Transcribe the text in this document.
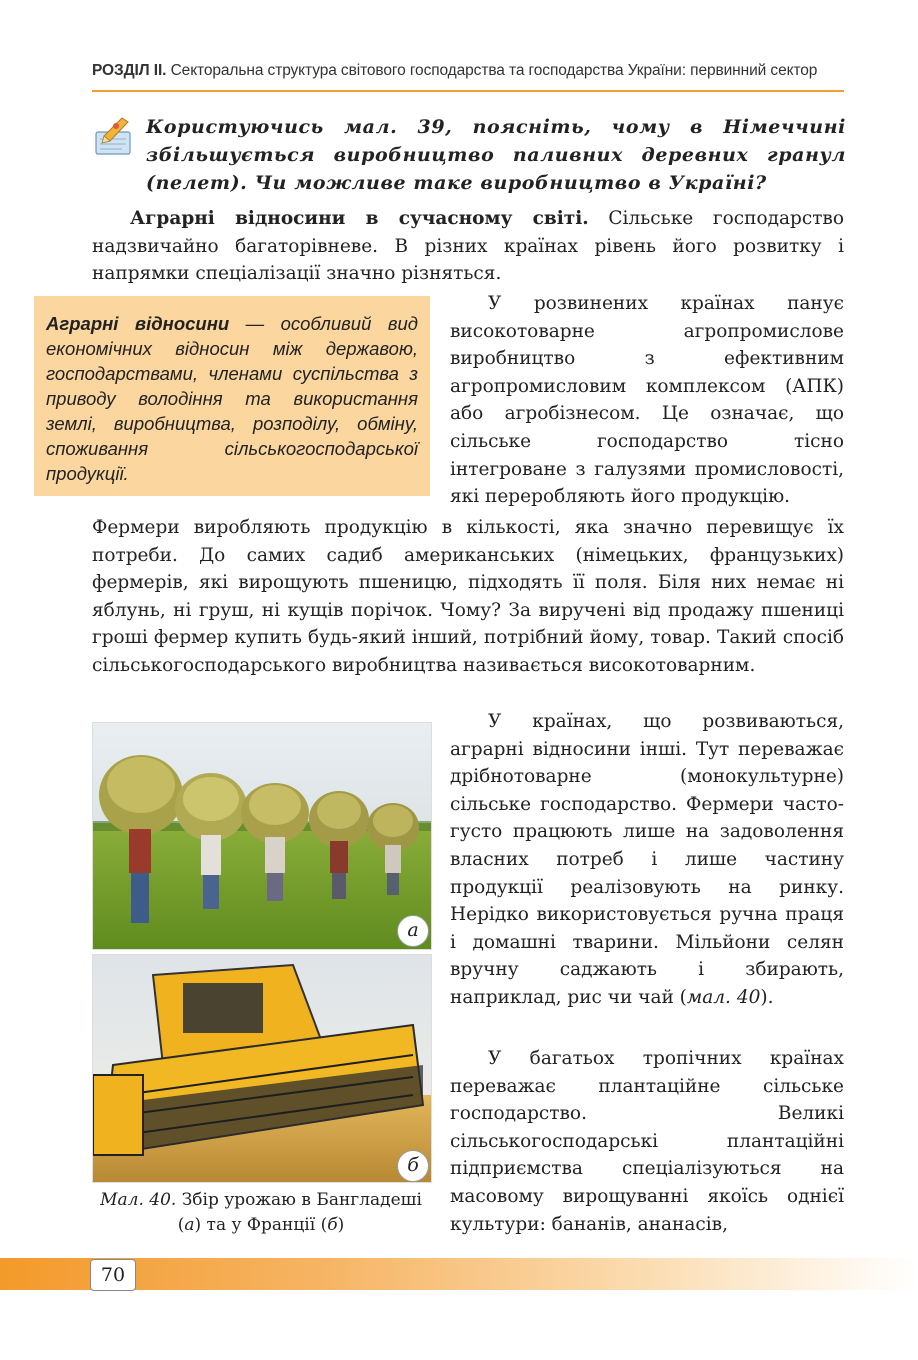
РОЗДІЛ ІІ. Секторальна структура світового господарства та господарства України: первинний сектор
Користуючись мал. 39, поясніть, чому в Німеччині збільшується виробництво паливних деревних гранул (пелет). Чи можливе таке виробництво в Україні?
Аграрні відносини в сучасному світі. Сільське господарство надзвичайно багаторівневе. В різних країнах рівень його розвитку і напрямки спеціалізації значно різняться.
Аграрні відносини — особливий вид економічних відносин між державою, господарствами, членами суспільства з приводу володіння та використання землі, виробництва, розподілу, обміну, споживання сільськогосподарської продукції.
У розвинених країнах панує високотоварне агропромислове виробництво з ефективним агропромисловим комплексом (АПК) або агробізнесом. Це означає, що сільське господарство тісно інтегроване з галузями промисловості, які переробляють його продукцію.
Фермери виробляють продукцію в кількості, яка значно перевищує їх потреби. До самих садиб американських (німецьких, французьких) фермерів, які вирощують пшеницю, підходять її поля. Біля них немає ні яблунь, ні груш, ні кущів порічок. Чому? За виручені від продажу пшениці гроші фермер купить будь-який інший, потрібний йому, товар. Такий спосіб сільськогосподарського виробництва називається високотоварним.
а
б
Мал. 40. Збір урожаю в Бангладеші (а) та у Франції (б)
У країнах, що розвиваються, аграрні відносини інші. Тут переважає дрібнотоварне (монокультурне) сільське господарство. Фермери часто-густо працюють лише на задоволення власних потреб і лише частину продукції реалізовують на ринку. Нерідко використовується ручна праця і домашні тварини. Мільйони селян вручну саджають і збирають, наприклад, рис чи чай (мал. 40).
У багатьох тропічних країнах переважає плантаційне сільське господарство. Великі сільськогосподарські плантаційні підприємства спеціалізуються на масовому вирощуванні якоїсь однієї культури: бананів, ананасів,
70
